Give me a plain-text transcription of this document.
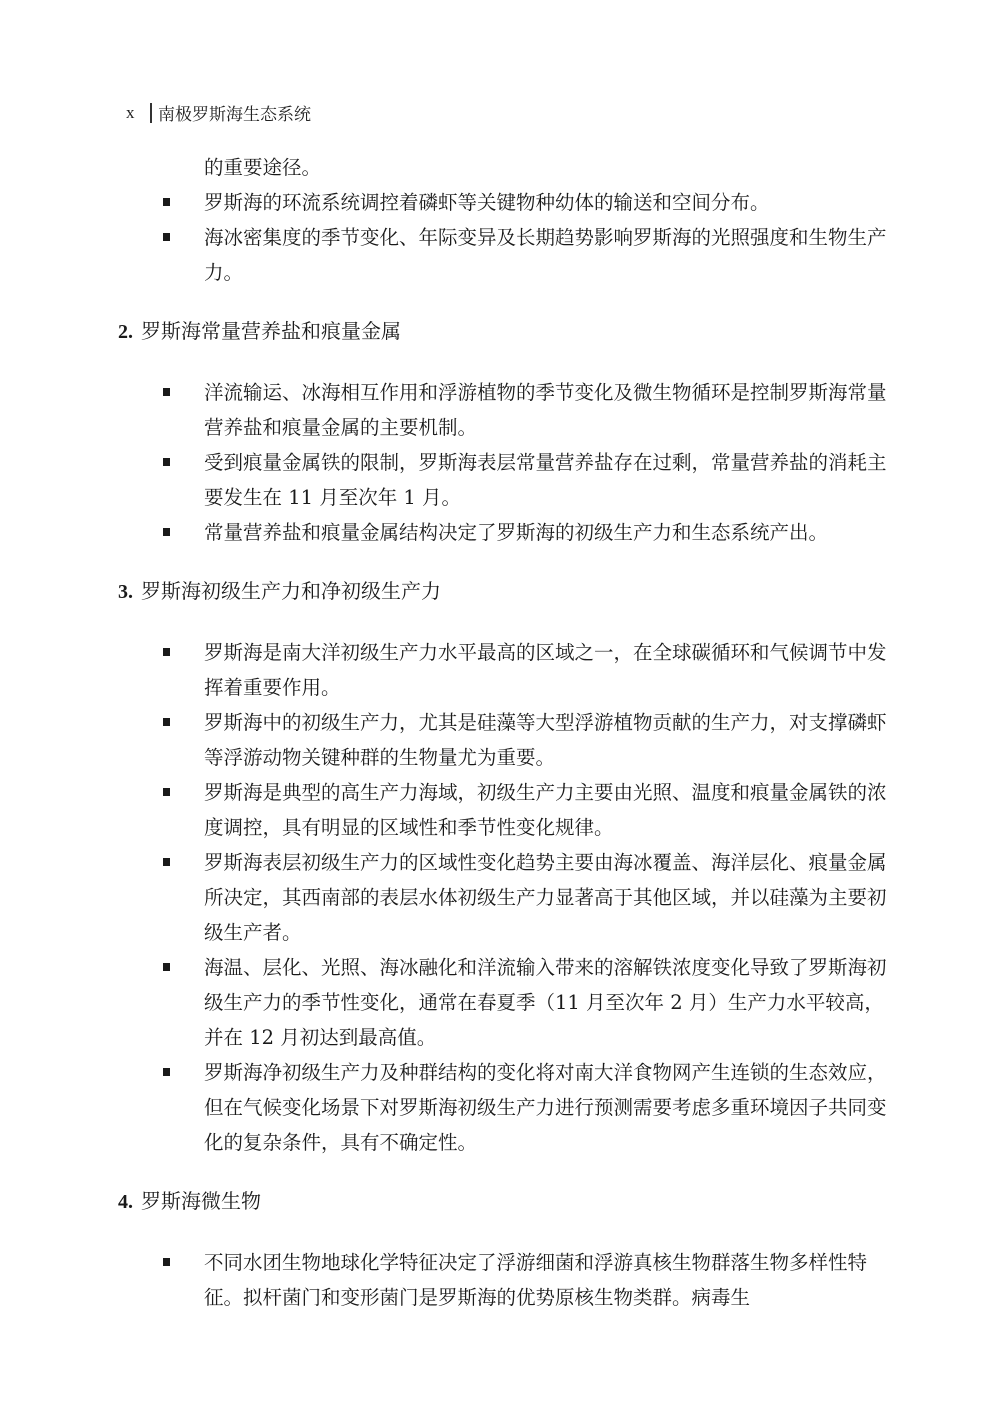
x	南极罗斯海生态系统
的重要途径。
罗斯海的环流系统调控着磷虾等关键物种幼体的输送和空间分布。
海冰密集度的季节变化、年际变异及长期趋势影响罗斯海的光照强度和生物生产力。
2. 罗斯海常量营养盐和痕量金属
洋流输运、冰海相互作用和浮游植物的季节变化及微生物循环是控制罗斯海常量营养盐和痕量金属的主要机制。
受到痕量金属铁的限制，罗斯海表层常量营养盐存在过剩，常量营养盐的消耗主要发生在 11 月至次年 1 月。
常量营养盐和痕量金属结构决定了罗斯海的初级生产力和生态系统产出。
3. 罗斯海初级生产力和净初级生产力
罗斯海是南大洋初级生产力水平最高的区域之一，在全球碳循环和气候调节中发挥着重要作用。
罗斯海中的初级生产力，尤其是硅藻等大型浮游植物贡献的生产力，对支撑磷虾等浮游动物关键种群的生物量尤为重要。
罗斯海是典型的高生产力海域，初级生产力主要由光照、温度和痕量金属铁的浓度调控，具有明显的区域性和季节性变化规律。
罗斯海表层初级生产力的区域性变化趋势主要由海冰覆盖、海洋层化、痕量金属所决定，其西南部的表层水体初级生产力显著高于其他区域，并以硅藻为主要初级生产者。
海温、层化、光照、海冰融化和洋流输入带来的溶解铁浓度变化导致了罗斯海初级生产力的季节性变化，通常在春夏季（11 月至次年 2 月）生产力水平较高，并在 12 月初达到最高值。
罗斯海净初级生产力及种群结构的变化将对南大洋食物网产生连锁的生态效应，但在气候变化场景下对罗斯海初级生产力进行预测需要考虑多重环境因子共同变化的复杂条件，具有不确定性。
4. 罗斯海微生物
不同水团生物地球化学特征决定了浮游细菌和浮游真核生物群落生物多样性特征。拟杆菌门和变形菌门是罗斯海的优势原核生物类群。病毒生
